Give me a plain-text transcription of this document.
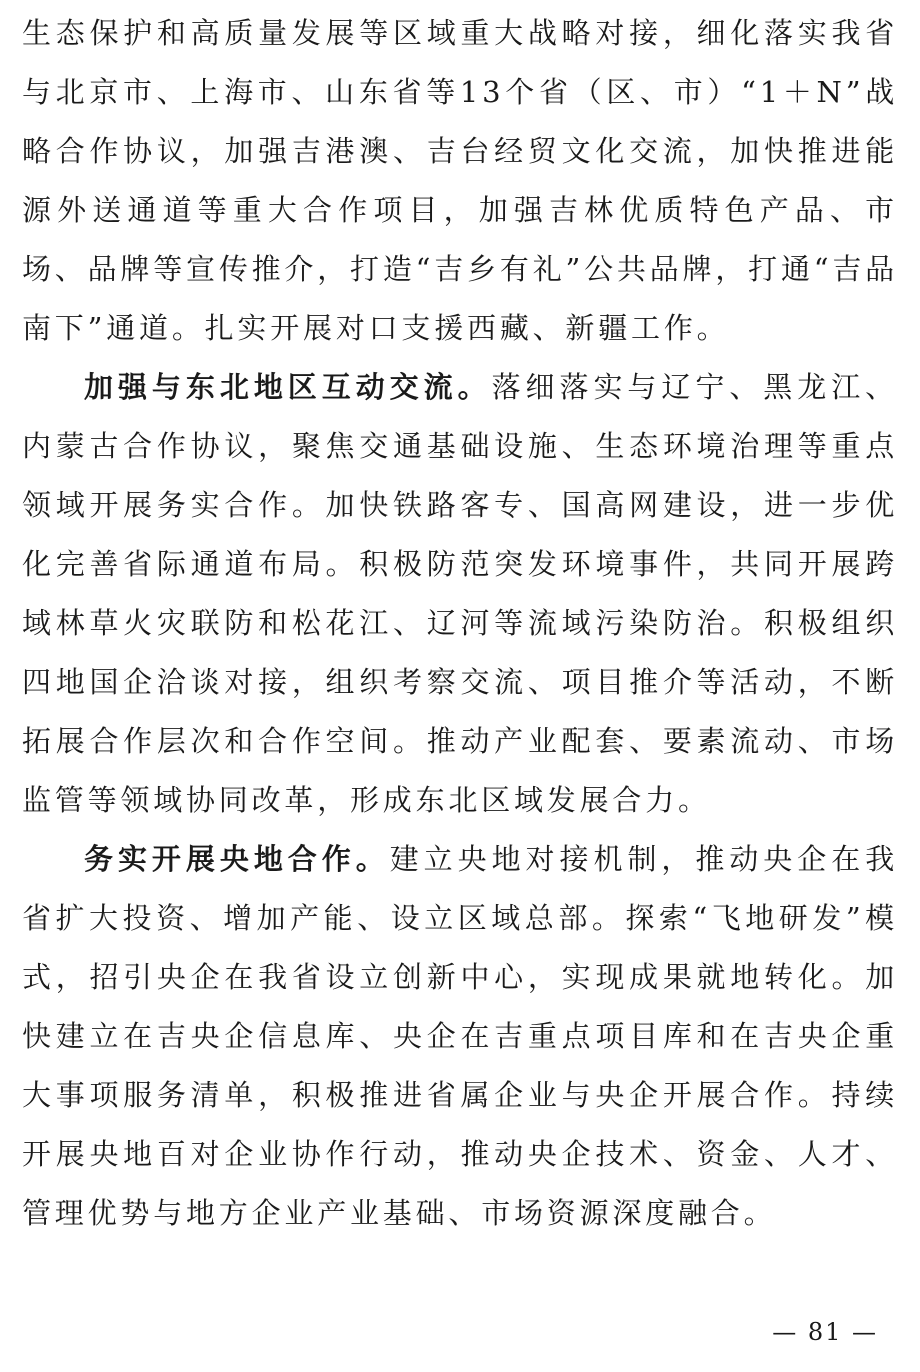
生态保护和高质量发展等区域重大战略对接，细化落实我省与北京市、上海市、山东省等13个省（区、市）“1＋N”战略合作协议，加强吉港澳、吉台经贸文化交流，加快推进能源外送通道等重大合作项目，加强吉林优质特色产品、市场、品牌等宣传推介，打造“吉乡有礼”公共品牌，打通“吉品南下”通道。扎实开展对口支援西藏、新疆工作。

加强与东北地区互动交流。落细落实与辽宁、黑龙江、内蒙古合作协议，聚焦交通基础设施、生态环境治理等重点领域开展务实合作。加快铁路客专、国高网建设，进一步优化完善省际通道布局。积极防范突发环境事件，共同开展跨域林草火灾联防和松花江、辽河等流域污染防治。积极组织四地国企洽谈对接，组织考察交流、项目推介等活动，不断拓展合作层次和合作空间。推动产业配套、要素流动、市场监管等领域协同改革，形成东北区域发展合力。

务实开展央地合作。建立央地对接机制，推动央企在我省扩大投资、增加产能、设立区域总部。探索“飞地研发”模式，招引央企在我省设立创新中心，实现成果就地转化。加快建立在吉央企信息库、央企在吉重点项目库和在吉央企重大事项服务清单，积极推进省属企业与央企开展合作。持续开展央地百对企业协作行动，推动央企技术、资金、人才、管理优势与地方企业产业基础、市场资源深度融合。

— 81 —
